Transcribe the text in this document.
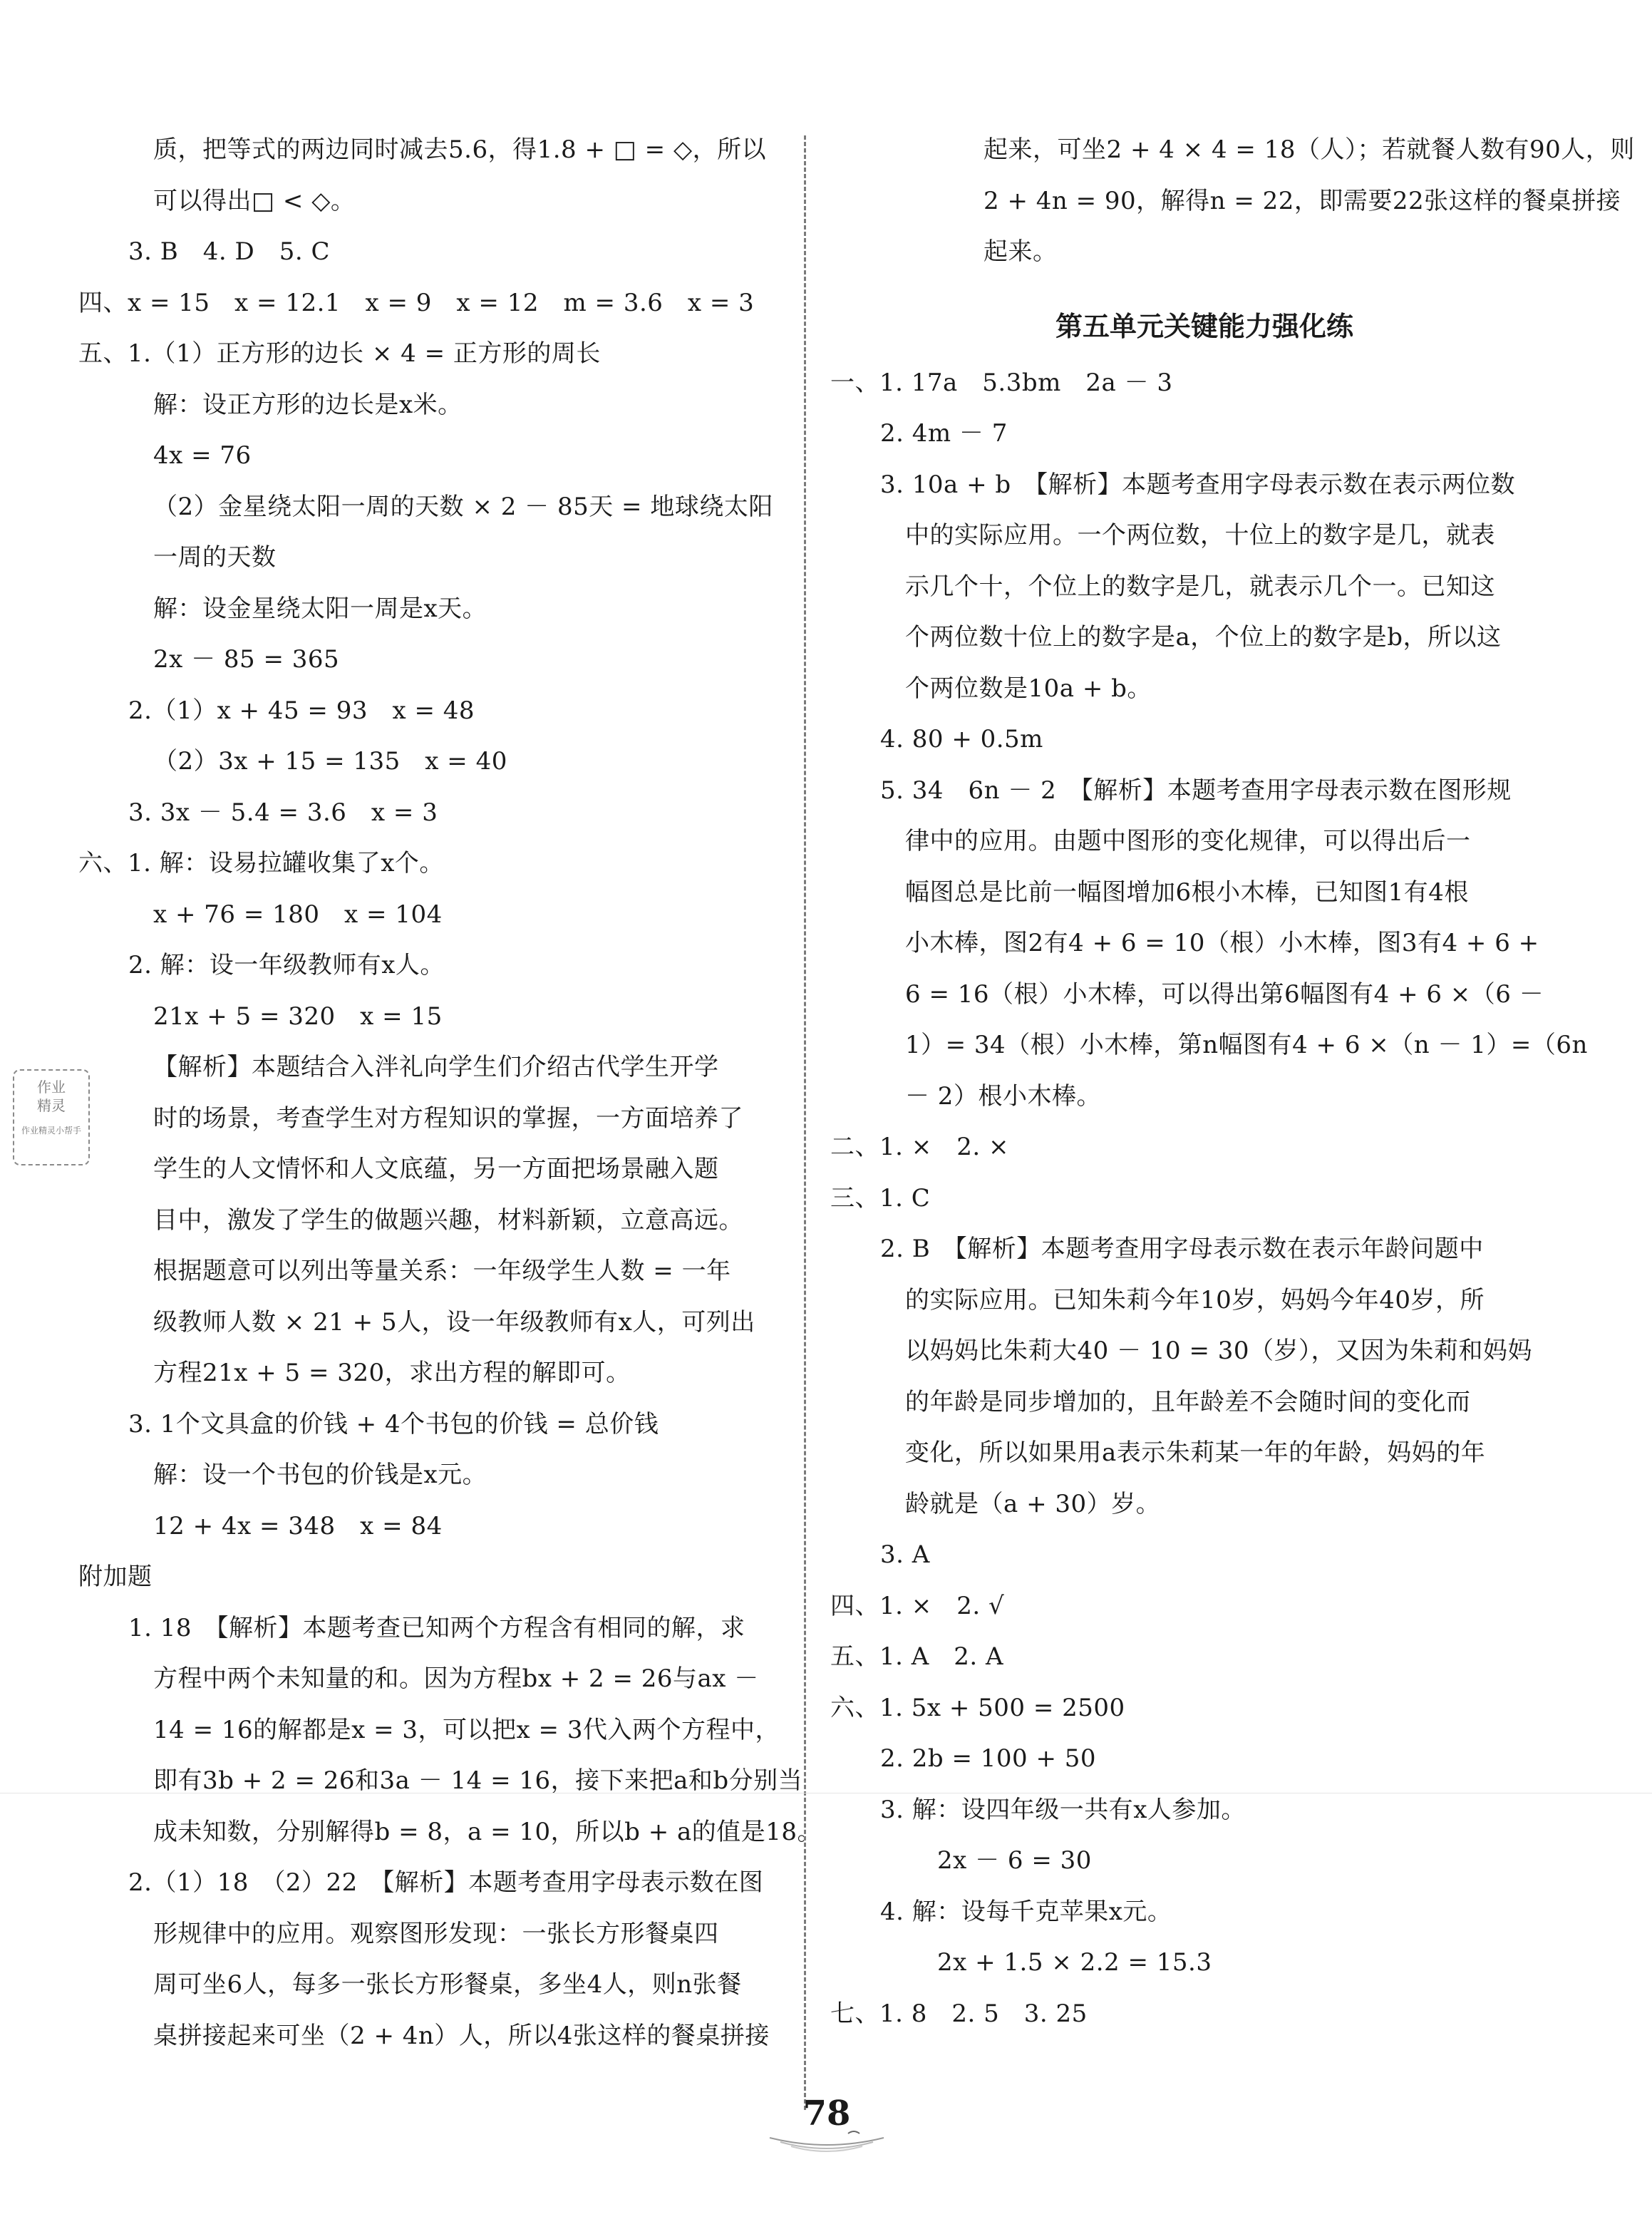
质，把等式的两边同时减去5.6，得1.8 + □ = ◇，所以
可以得出□ < ◇。
3. B　4. D　5. C
四、x = 15　x = 12.1　x = 9　x = 12　m = 3.6　x = 3
五、1.（1）正方形的边长 × 4 = 正方形的周长
解：设正方形的边长是x米。
4x = 76
（2）金星绕太阳一周的天数 × 2 － 85天 = 地球绕太阳
一周的天数
解：设金星绕太阳一周是x天。
2x － 85 = 365
2.（1）x + 45 = 93　x = 48
（2）3x + 15 = 135　x = 40
3. 3x － 5.4 = 3.6　x = 3
六、1. 解：设易拉罐收集了x个。
x + 76 = 180　x = 104
2. 解：设一年级教师有x人。
21x + 5 = 320　x = 15
【解析】本题结合入泮礼向学生们介绍古代学生开学
时的场景，考查学生对方程知识的掌握，一方面培养了
学生的人文情怀和人文底蕴，另一方面把场景融入题
目中，激发了学生的做题兴趣，材料新颖，立意高远。
根据题意可以列出等量关系：一年级学生人数 = 一年
级教师人数 × 21 + 5人，设一年级教师有x人，可列出
方程21x + 5 = 320，求出方程的解即可。
3. 1个文具盒的价钱 + 4个书包的价钱 = 总价钱
解：设一个书包的价钱是x元。
12 + 4x = 348　x = 84
附加题
1. 18　【解析】本题考查已知两个方程含有相同的解，求
方程中两个未知量的和。因为方程bx + 2 = 26与ax －
14 = 16的解都是x = 3，可以把x = 3代入两个方程中，
即有3b + 2 = 26和3a － 14 = 16，接下来把a和b分别当
成未知数，分别解得b = 8，a = 10，所以b + a的值是18。
2.（1）18　（2）22　【解析】本题考查用字母表示数在图
形规律中的应用。观察图形发现：一张长方形餐桌四
周可坐6人，每多一张长方形餐桌，多坐4人，则n张餐
桌拼接起来可坐（2 + 4n）人，所以4张这样的餐桌拼接
起来，可坐2 + 4 × 4 = 18（人）；若就餐人数有90人，则
2 + 4n = 90，解得n = 22，即需要22张这样的餐桌拼接
起来。
第五单元关键能力强化练
一、1. 17a　5.3bm　2a － 3
2. 4m － 7
3. 10a + b　【解析】本题考查用字母表示数在表示两位数
中的实际应用。一个两位数，十位上的数字是几，就表
示几个十，个位上的数字是几，就表示几个一。已知这
个两位数十位上的数字是a，个位上的数字是b，所以这
个两位数是10a + b。
4. 80 + 0.5m
5. 34　6n － 2　【解析】本题考查用字母表示数在图形规
律中的应用。由题中图形的变化规律，可以得出后一
幅图总是比前一幅图增加6根小木棒，已知图1有4根
小木棒，图2有4 + 6 = 10（根）小木棒，图3有4 + 6 +
6 = 16（根）小木棒，可以得出第6幅图有4 + 6 ×（6 －
1）= 34（根）小木棒，第n幅图有4 + 6 ×（n － 1）=（6n
－ 2）根小木棒。
二、1. ×　2. ×
三、1. C
2. B　【解析】本题考查用字母表示数在表示年龄问题中
的实际应用。已知朱莉今年10岁，妈妈今年40岁，所
以妈妈比朱莉大40 － 10 = 30（岁），又因为朱莉和妈妈
的年龄是同步增加的，且年龄差不会随时间的变化而
变化，所以如果用a表示朱莉某一年的年龄，妈妈的年
龄就是（a + 30）岁。
3. A
四、1. ×　2. √
五、1. A　2. A
六、1. 5x + 500 = 2500
2. 2b = 100 + 50
3. 解：设四年级一共有x人参加。
2x － 6 = 30
4. 解：设每千克苹果x元。
2x + 1.5 × 2.2 = 15.3
七、1. 8　2. 5　3. 25
作业
精灵
作业精灵小帮手
78
